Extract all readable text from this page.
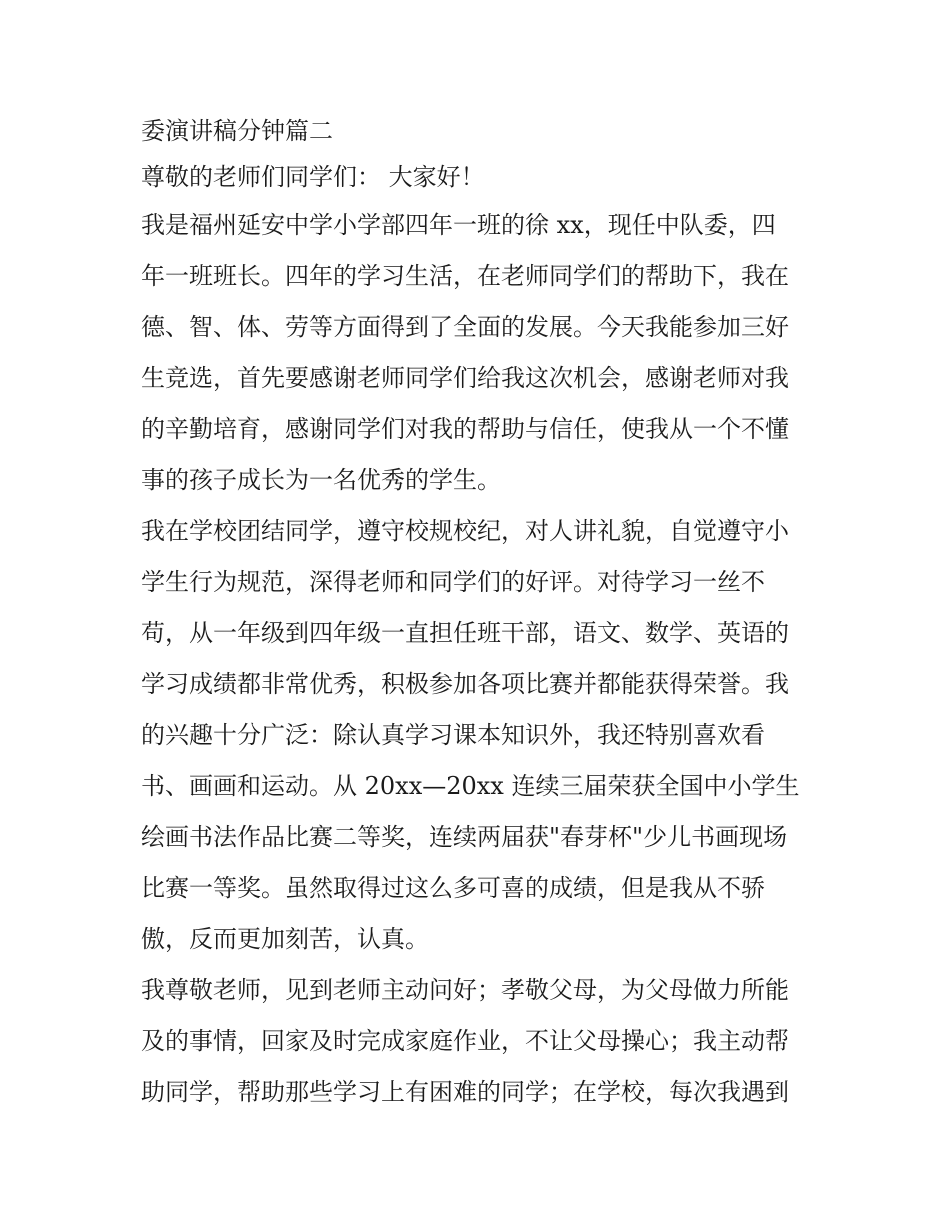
委演讲稿分钟篇二
尊敬的老师们同学们： 大家好！
我是福州延安中学小学部四年一班的徐 xx，现任中队委，四
年一班班长。四年的学习生活，在老师同学们的帮助下，我在
德、智、体、劳等方面得到了全面的发展。今天我能参加三好
生竞选，首先要感谢老师同学们给我这次机会，感谢老师对我
的辛勤培育，感谢同学们对我的帮助与信任，使我从一个不懂
事的孩子成长为一名优秀的学生。
我在学校团结同学，遵守校规校纪，对人讲礼貌，自觉遵守小
学生行为规范，深得老师和同学们的好评。对待学习一丝不
苟，从一年级到四年级一直担任班干部，语文、数学、英语的
学习成绩都非常优秀，积极参加各项比赛并都能获得荣誉。我
的兴趣十分广泛：除认真学习课本知识外，我还特别喜欢看
书、画画和运动。从 20xx—20xx 连续三届荣获全国中小学生
绘画书法作品比赛二等奖，连续两届获"春芽杯"少儿书画现场
比赛一等奖。虽然取得过这么多可喜的成绩，但是我从不骄
傲，反而更加刻苦，认真。
我尊敬老师，见到老师主动问好；孝敬父母，为父母做力所能
及的事情，回家及时完成家庭作业，不让父母操心；我主动帮
助同学，帮助那些学习上有困难的同学；在学校，每次我遇到
